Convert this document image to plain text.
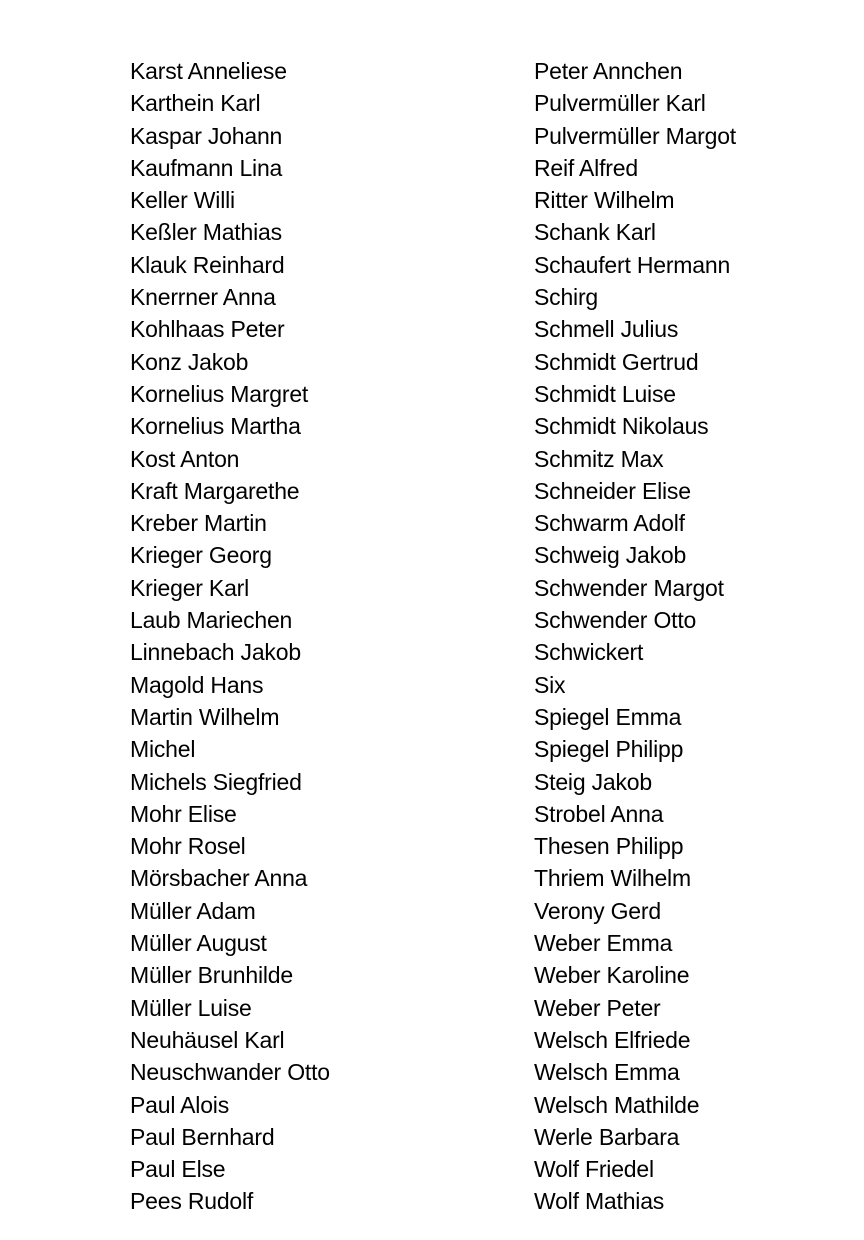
Karst Anneliese
Karthein Karl
Kaspar Johann
Kaufmann Lina
Keller Willi
Keßler Mathias
Klauk Reinhard
Knerrner Anna
Kohlhaas Peter
Konz Jakob
Kornelius Margret
Kornelius Martha
Kost Anton
Kraft Margarethe
Kreber Martin
Krieger Georg
Krieger Karl
Laub Mariechen
Linnebach Jakob
Magold Hans
Martin Wilhelm
Michel
Michels Siegfried
Mohr Elise
Mohr Rosel
Mörsbacher Anna
Müller Adam
Müller August
Müller Brunhilde
Müller Luise
Neuhäusel Karl
Neuschwander Otto
Paul Alois
Paul Bernhard
Paul Else
Pees Rudolf
Peter Annchen
Pulvermüller Karl
Pulvermüller Margot
Reif Alfred
Ritter Wilhelm
Schank Karl
Schaufert Hermann
Schirg
Schmell Julius
Schmidt Gertrud
Schmidt Luise
Schmidt Nikolaus
Schmitz Max
Schneider Elise
Schwarm Adolf
Schweig Jakob
Schwender Margot
Schwender Otto
Schwickert
Six
Spiegel Emma
Spiegel Philipp
Steig Jakob
Strobel Anna
Thesen Philipp
Thriem Wilhelm
Verony Gerd
Weber Emma
Weber Karoline
Weber Peter
Welsch Elfriede
Welsch Emma
Welsch Mathilde
Werle Barbara
Wolf Friedel
Wolf Mathias
